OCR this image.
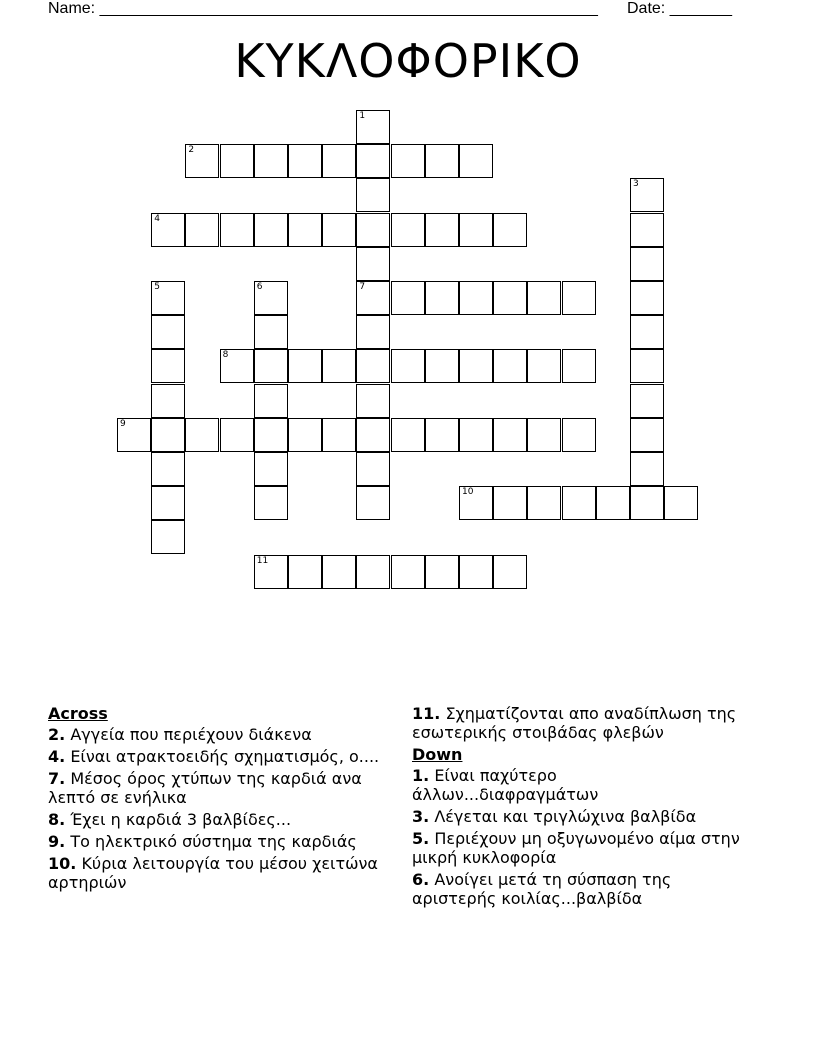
Name: ________________________________________________________ Date: _______
ΚΥΚΛΟΦΟΡΙΚΟ
1
7
2
3
4
5	6
8
9
10
11
Across
2. Αγγεία που περιέχουν διάκενα
4. Είναι ατρακτοειδής σχηματισμός, ο....
7. Μέσος όρος χτύπων της καρδιά ανα λεπτό σε ενήλικα
8. Έχει η καρδιά 3 βαλβίδες...
9. Το ηλεκτρικό σύστημα της καρδιάς
10. Κύρια λειτουργία του μέσου χειτώνα αρτηριών
11. Σχηματίζονται απο αναδίπλωση της εσωτερικής στοιβάδας φλεβών
Down
1. Είναι παχύτερο άλλων...διαφραγμάτων
3. Λέγεται και τριγλώχινα βαλβίδα
5. Περιέχουν μη οξυγωνομένο αίμα στην μικρή κυκλοφορία
6. Ανοίγει μετά τη σύσπαση της αριστερής κοιλίας...βαλβίδα
